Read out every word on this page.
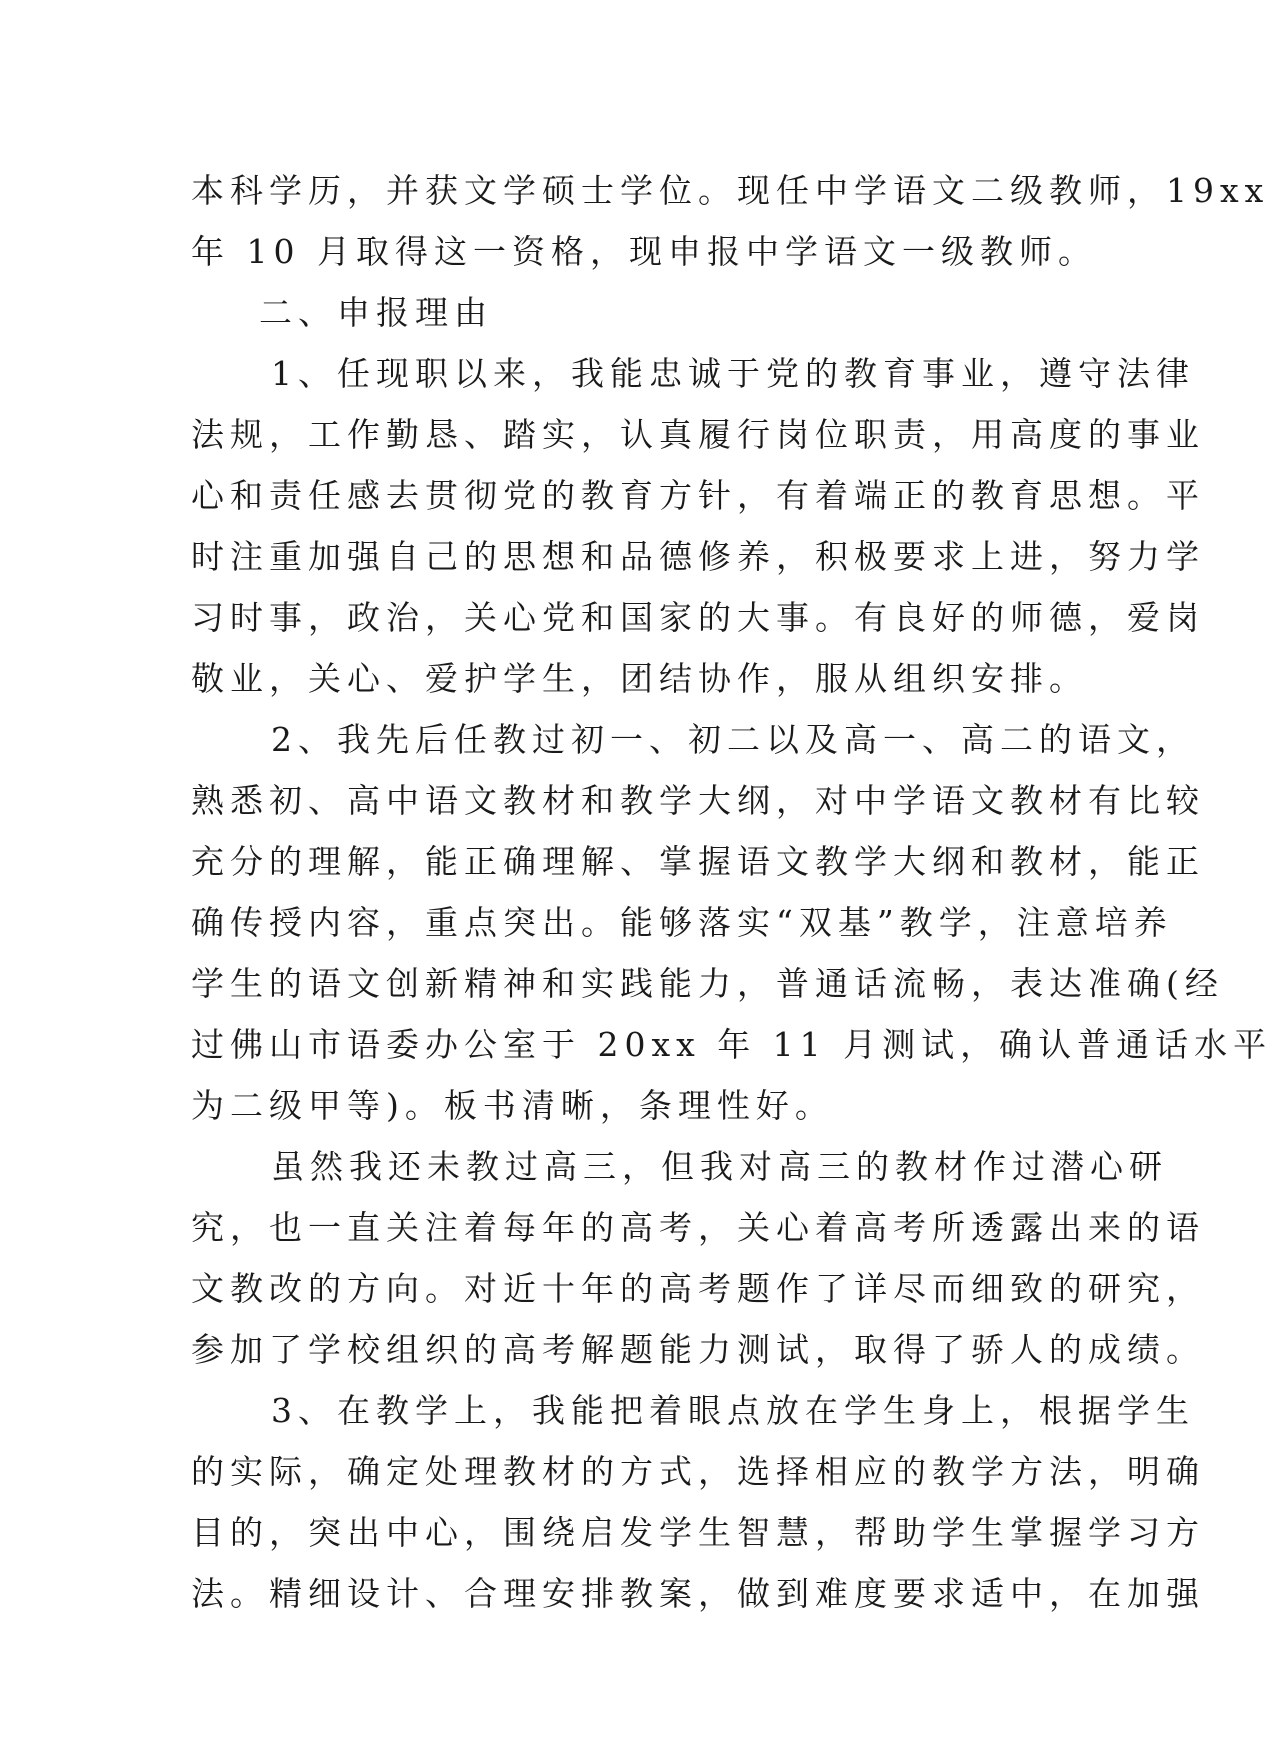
本科学历，并获文学硕士学位。现任中学语文二级教师，19xx

年 10 月取得这一资格，现申报中学语文一级教师。

二、申报理由

1、任现职以来，我能忠诚于党的教育事业，遵守法律

法规，工作勤恳、踏实，认真履行岗位职责，用高度的事业

心和责任感去贯彻党的教育方针，有着端正的教育思想。平

时注重加强自己的思想和品德修养，积极要求上进，努力学

习时事，政治，关心党和国家的大事。有良好的师德，爱岗

敬业，关心、爱护学生，团结协作，服从组织安排。

2、我先后任教过初一、初二以及高一、高二的语文，

熟悉初、高中语文教材和教学大纲，对中学语文教材有比较

充分的理解，能正确理解、掌握语文教学大纲和教材，能正

确传授内容，重点突出。能够落实“双基”教学，注意培养

学生的语文创新精神和实践能力，普通话流畅，表达准确(经

过佛山市语委办公室于 20xx 年 11 月测试，确认普通话水平

为二级甲等)。板书清晰，条理性好。

虽然我还未教过高三，但我对高三的教材作过潜心研

究，也一直关注着每年的高考，关心着高考所透露出来的语

文教改的方向。对近十年的高考题作了详尽而细致的研究，

参加了学校组织的高考解题能力测试，取得了骄人的成绩。

3、在教学上，我能把着眼点放在学生身上，根据学生

的实际，确定处理教材的方式，选择相应的教学方法，明确

目的，突出中心，围绕启发学生智慧，帮助学生掌握学习方

法。精细设计、合理安排教案，做到难度要求适中，在加强
